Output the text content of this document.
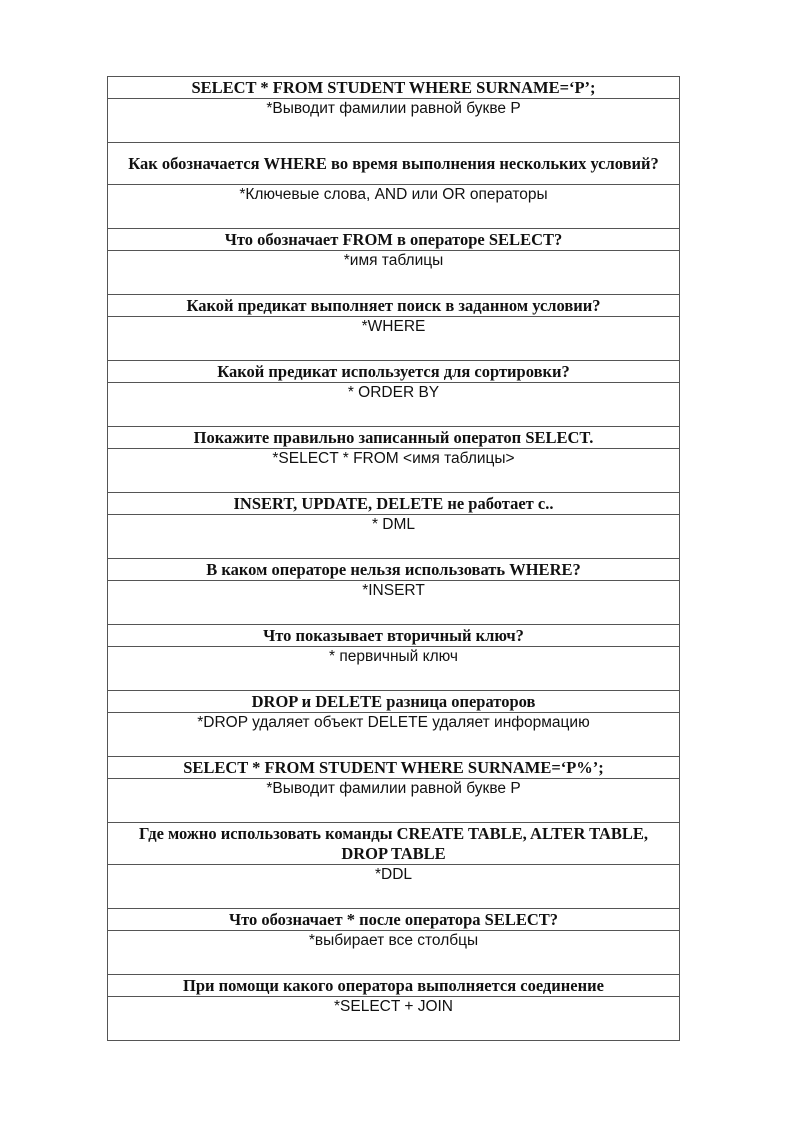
SELECT * FROM STUDENT WHERE SURNAME=‘P’;
*Выводит фамилии равной букве Р
Как обозначается WHERE во время выполнения нескольких условий?
*Ключевые слова, AND или OR операторы
Что обозначает FROM в операторе SELECT?
*имя таблицы
Какой предикат выполняет поиск в заданном условии?
*WHERE
Какой предикат используется для сортировки?
* ORDER BY
Покажите правильно записанный оператоп SELECT.
*SELECT * FROM <имя таблицы>
INSERT, UPDATE, DELETE не работает с..
* DML
В каком операторе нельзя использовать WHERE?
*INSERT
Что показывает вторичный ключ?
* первичный ключ
DROP и DELETE разница операторов
*DROP удаляет объект DELETE удаляет информацию
SELECT * FROM STUDENT WHERE SURNAME=‘P%’;
*Выводит фамилии равной букве Р
Где можно использовать команды CREATE TABLE, ALTER TABLE, DROP TABLE
*DDL
Что обозначает * после оператора SELECT?
*выбирает все столбцы
При помощи какого оператора выполняется соединение
*SELECT + JOIN
